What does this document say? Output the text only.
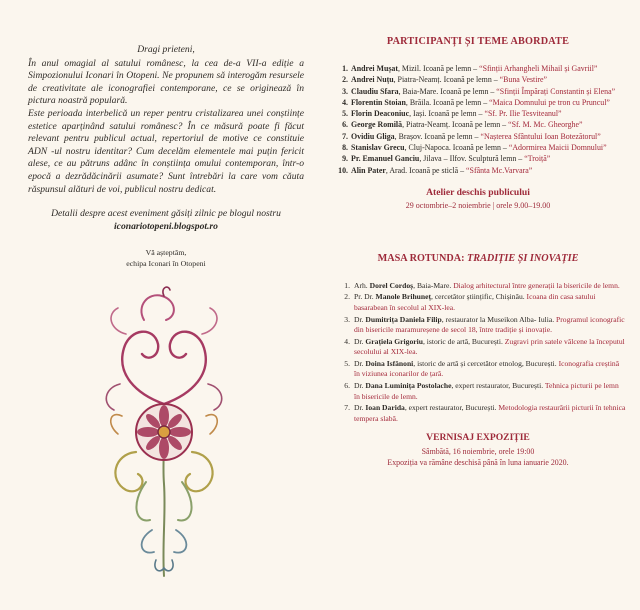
Dragi prieteni,

În anul omagial al satului românesc, la cea de-a VII-a ediție a Simpozionului Iconari în Otopeni. Ne propunem să interogăm resursele de creativitate ale iconografiei contemporane, ce se originează în pictura noastră populară.

Este perioada interbelică un reper pentru cristalizarea unei conștiințe estetice aparținând satului românesc? În ce măsură poate fi făcut relevant pentru publicul actual, repertoriul de motive ce constituie ADN -ul nostru identitar? Cum decelăm elementele mai puțin fericit alese, ce au pătruns adânc în conștiința omului contemporan, într-o epocă a dezrădăcinării asumate? Sunt întrebări la care vom căuta răspunsul alături de voi, publicul nostru dedicat.

Detalii despre acest eveniment găsiți zilnic pe blogul nostru
iconariotopeni.blogspot.ro
Vă așteptăm,
echipa Iconari în Otopeni
PARTICIPANȚI ȘI TEME ABORDATE
1. Andrei Mușat, Mizil. Icoană pe lemn – “Sfinții Arhangheli Mihail și Gavriil”
2. Andrei Nuțu, Piatra-Neamț. Icoană pe lemn – “Buna Vestire”
3. Claudiu Sfara, Baia-Mare. Icoană pe lemn – “Sfinții Împărați Constantin și Elena”
4. Florentin Stoian, Brăila. Icoană pe lemn – “Maica Domnului pe tron cu Pruncul”
5. Florin Deaconiuc, Iași. Icoană pe lemn – “Sf. Pr. Ilie Tesviteanul”
6. George Romilă, Piatra-Neamț. Icoană pe lemn – “Sf. M. Mc. Gheorghe”
7. Ovidiu Gliga, Brașov. Icoană pe lemn – “Nașterea Sfântului Ioan Botezătorul”
8. Stanislav Grecu, Cluj-Napoca. Icoană pe lemn – “Adormirea Maicii Domnului”
9. Pr. Emanuel Ganciu, Jilava – Ilfov. Sculptură lemn – “Troiță”
10. Alin Pater, Arad. Icoană pe sticlă – “Sfânta Mc.Varvara”
Atelier deschis publicului
29 octombrie–2 noiembrie | orele 9.00–19.00
MASA ROTUNDA: TRADIȚIE ȘI INOVAȚIE
1. Arh. Dorel Cordoș, Baia-Mare. Dialog arhitectural între generații la bisericile de lemn.
2. Pr. Dr. Manole Brihuneț, cercetător științific, Chișinău. Icoana din casa satului basarabean în secolul al XIX-lea.
3. Dr. Dumitrița Daniela Filip, restaurator la Museikon Alba- Iulia. Programul iconografic din bisericile maramureșene de secol 18, între tradiție și inovație.
4. Dr. Grațiela Grigoriu, istoric de artă, București. Zugravi prin satele vâlcene la începutul secolului al XIX-lea.
5. Dr. Doina Isfănoni, istoric de artă și cercetător etnolog, București. Iconografia creștină în viziunea iconarilor de țară.
6. Dr. Dana Luminița Postolache, expert restaurator, București. Tehnica picturii pe lemn în bisericile de lemn.
7. Dr. Ioan Darida, expert restaurator, București. Metodologia restaurării picturii în tehnica tempera slabă.
VERNISAJ EXPOZIȚIE
Sâmbătă, 16 noiembrie, orele 19:00
Expoziția va rămâne deschisă până în luna ianuarie 2020.
